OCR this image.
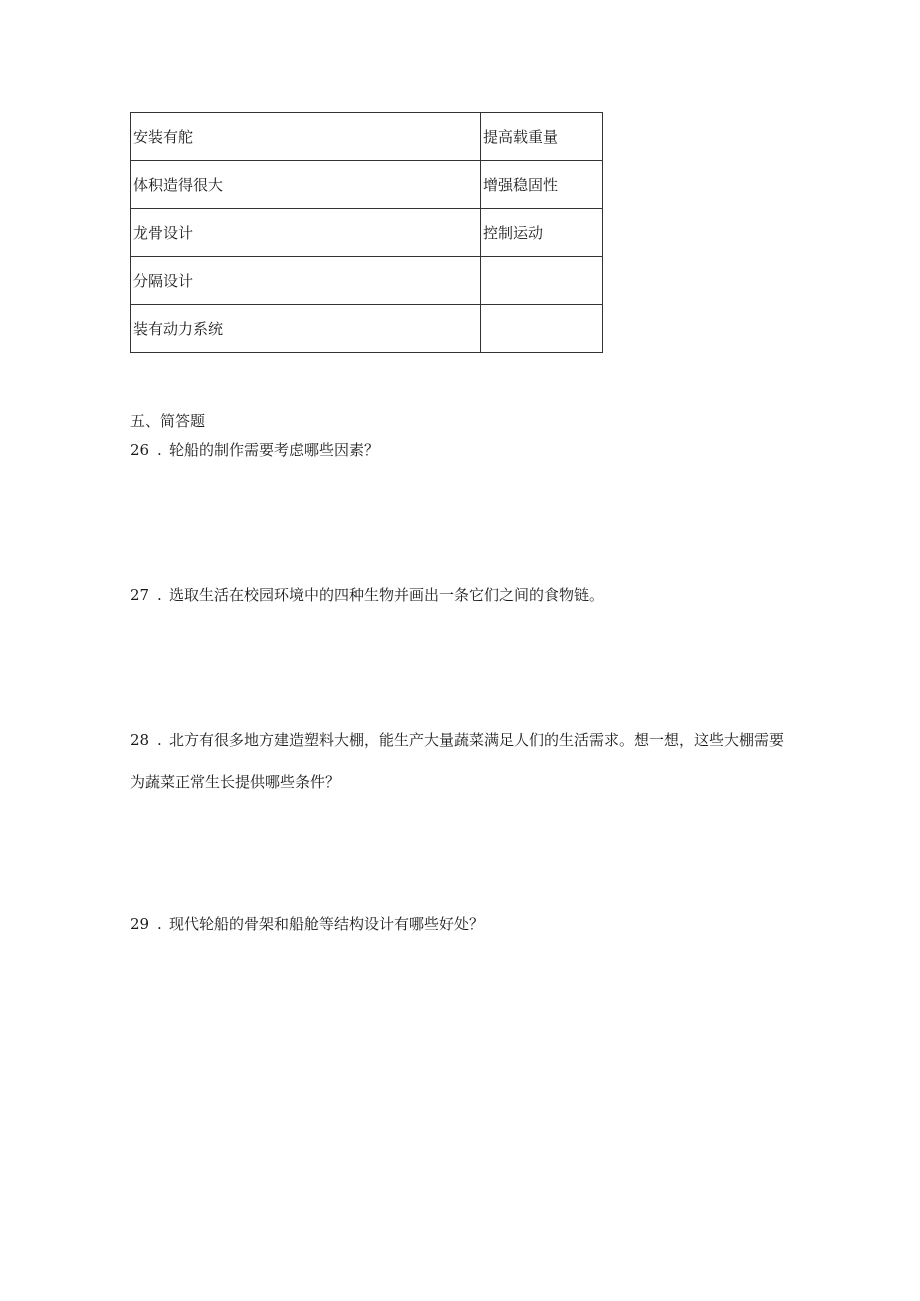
安装有舵	提高载重量
体积造得很大	增强稳固性
龙骨设计	控制运动
分隔设计	
装有动力系统	
五、简答题
26 . 轮船的制作需要考虑哪些因素？
27 . 选取生活在校园环境中的四种生物并画出一条它们之间的食物链。
28 . 北方有很多地方建造塑料大棚，能生产大量蔬菜满足人们的生活需求。想一想，这些大棚需要为蔬菜正常生长提供哪些条件？
29 . 现代轮船的骨架和船舱等结构设计有哪些好处？
